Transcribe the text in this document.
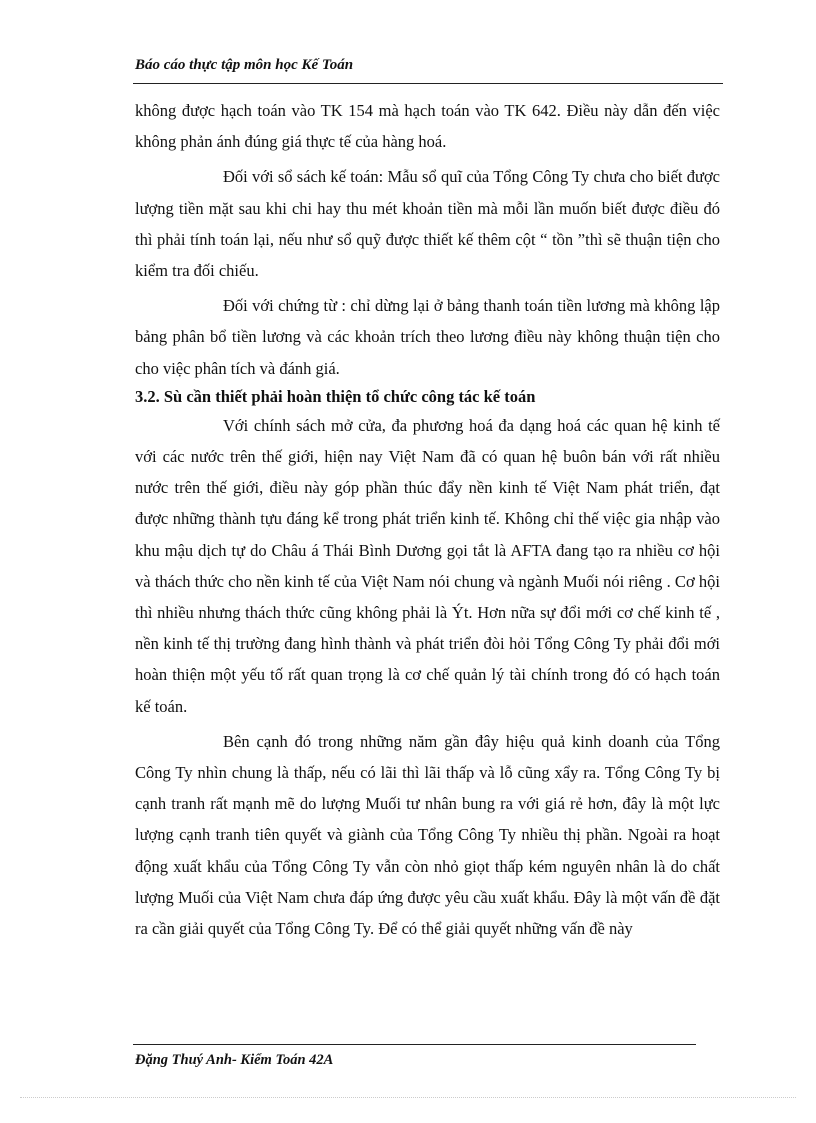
Báo cáo thực tập môn học Kế Toán

không được hạch toán vào TK 154 mà hạch toán vào TK 642. Điều này dẫn đến việc không phản ánh đúng giá thực tế của hàng hoá.

Đối với sổ sách kế toán: Mẫu sổ quĩ của Tổng Công Ty chưa cho biết được lượng tiền mặt sau khi chi hay thu mét khoản tiền mà mỗi lần muốn biết được điều đó thì phải tính toán lại, nếu như sổ quỹ được thiết kế thêm cột “ tồn ”thì sẽ thuận tiện cho kiểm tra đối chiếu.

Đối với chứng từ : chỉ dừng lại ở bảng thanh toán tiền lương mà không lập bảng phân bổ tiền lương và các khoản trích theo lương điều này không thuận tiện cho cho việc phân tích và đánh giá.

3.2. Sù cần thiết phải hoàn thiện tổ chức công tác kế toán

Với chính sách mở cửa, đa phương hoá đa dạng hoá các quan hệ kinh tế với các nước trên thế giới, hiện nay Việt Nam đã có quan hệ buôn bán với rất nhiều nước trên thế giới, điều này góp phần thúc đẩy nền kinh tế Việt Nam phát triển, đạt được những thành tựu đáng kể trong phát triển kinh tế. Không chỉ thế việc gia nhập vào khu mậu dịch tự do Châu á Thái Bình Dương gọi tắt là AFTA đang tạo ra nhiều cơ hội và thách thức cho nền kinh tế của Việt Nam nói chung và ngành Muối nói riêng . Cơ hội thì nhiều nhưng thách thức cũng không phải là Ýt. Hơn nữa sự đổi mới cơ chế kinh tế , nền kinh tế thị trường đang hình thành và phát triển đòi hỏi Tổng Công Ty phải đổi mới hoàn thiện một yếu tố rất quan trọng là cơ chế quản lý tài chính trong đó có hạch toán kế toán.

Bên cạnh đó trong những năm gần đây hiệu quả kinh doanh của Tổng Công Ty nhìn chung là thấp, nếu có lãi thì lãi thấp và lỗ cũng xẩy ra. Tổng Công Ty bị cạnh tranh rất mạnh mẽ do lượng Muối tư nhân bung ra với giá rẻ hơn, đây là một lực lượng cạnh tranh tiên quyết và giành của Tổng Công Ty nhiều thị phần. Ngoài ra hoạt động xuất khẩu của Tổng Công Ty vẫn còn nhỏ giọt thấp kém nguyên nhân là do chất lượng Muối của Việt Nam chưa đáp ứng được yêu cầu xuất khẩu. Đây là một vấn đề đặt ra cần giải quyết của Tổng Công Ty. Để có thể giải quyết những vấn đề này

Đặng Thuý Anh- Kiểm Toán 42A
